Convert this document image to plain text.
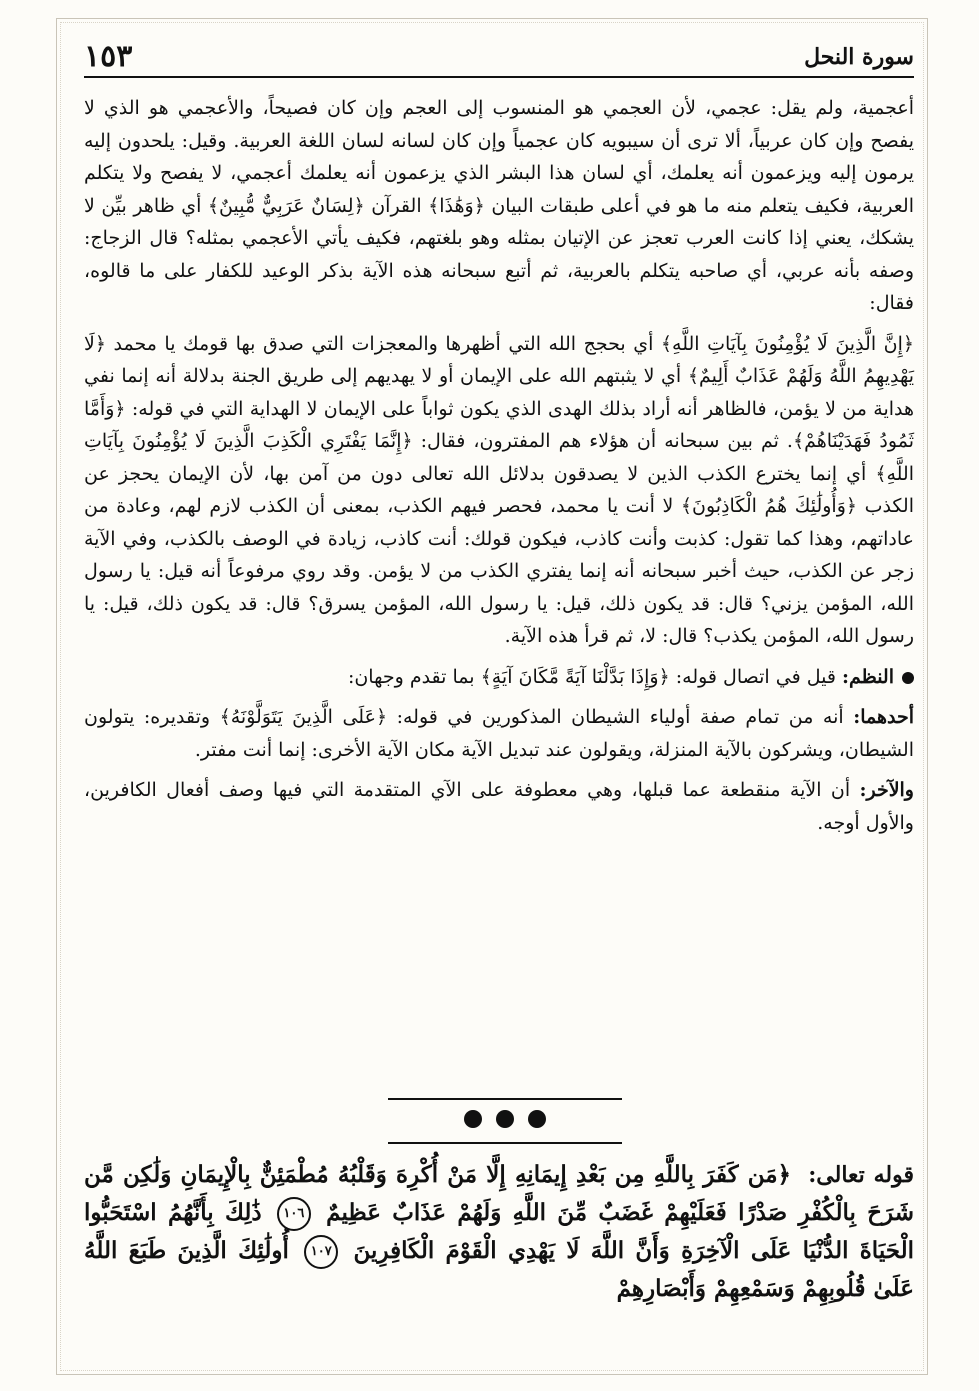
سورة النحل
١٥٣

أعجمية، ولم يقل: عجمي، لأن العجمي هو المنسوب إلى العجم وإن كان فصيحاً، والأعجمي هو الذي لا يفصح وإن كان عربياً، ألا ترى أن سيبويه كان عجمياً وإن كان لسانه لسان اللغة العربية. وقيل: يلحدون إليه يرمون إليه ويزعمون أنه يعلمك، أي لسان هذا البشر الذي يزعمون أنه يعلمك أعجمي، لا يفصح ولا يتكلم العربية، فكيف يتعلم منه ما هو في أعلى طبقات البيان ﴿وَهَٰذَا﴾ القرآن ﴿لِسَانٌ عَرَبِيٌّ مُّبِينٌ﴾ أي ظاهر بيِّن لا يشكك، يعني إذا كانت العرب تعجز عن الإتيان بمثله وهو بلغتهم، فكيف يأتي الأعجمي بمثله؟ قال الزجاج: وصفه بأنه عربي، أي صاحبه يتكلم بالعربية، ثم أتبع سبحانه هذه الآية بذكر الوعيد للكفار على ما قالوه، فقال:

﴿إِنَّ الَّذِينَ لَا يُؤْمِنُونَ بِآيَاتِ اللَّهِ﴾ أي بحجج الله التي أظهرها والمعجزات التي صدق بها قومك يا محمد ﴿لَا يَهْدِيهِمُ اللَّهُ وَلَهُمْ عَذَابٌ أَلِيمٌ﴾ أي لا يثبتهم الله على الإيمان أو لا يهديهم إلى طريق الجنة بدلالة أنه إنما نفي هداية من لا يؤمن، فالظاهر أنه أراد بذلك الهدى الذي يكون ثواباً على الإيمان لا الهداية التي في قوله: ﴿وَأَمَّا ثَمُودُ فَهَدَيْنَاهُمْ﴾. ثم بين سبحانه أن هؤلاء هم المفترون، فقال: ﴿إِنَّمَا يَفْتَرِي الْكَذِبَ الَّذِينَ لَا يُؤْمِنُونَ بِآيَاتِ اللَّهِ﴾ أي إنما يخترع الكذب الذين لا يصدقون بدلائل الله تعالى دون من آمن بها، لأن الإيمان يحجز عن الكذب ﴿وَأُولَٰئِكَ هُمُ الْكَاذِبُونَ﴾ لا أنت يا محمد، فحصر فيهم الكذب، بمعنى أن الكذب لازم لهم، وعادة من عاداتهم، وهذا كما تقول: كذبت وأنت كاذب، فيكون قولك: أنت كاذب، زيادة في الوصف بالكذب، وفي الآية زجر عن الكذب، حيث أخبر سبحانه أنه إنما يفتري الكذب من لا يؤمن. وقد روي مرفوعاً أنه قيل: يا رسول الله، المؤمن يزني؟ قال: قد يكون ذلك، قيل: يا رسول الله، المؤمن يسرق؟ قال: قد يكون ذلك، قيل: يا رسول الله، المؤمن يكذب؟ قال: لا، ثم قرأ هذه الآية.

النظم: قيل في اتصال قوله: ﴿وَإِذَا بَدَّلْنَا آيَةً مَّكَانَ آيَةٍ﴾ بما تقدم وجهان:

أحدهما: أنه من تمام صفة أولياء الشيطان المذكورين في قوله: ﴿عَلَى الَّذِينَ يَتَوَلَّوْنَهُ﴾ وتقديره: يتولون الشيطان، ويشركون بالآية المنزلة، ويقولون عند تبديل الآية مكان الآية الأخرى: إنما أنت مفتر.

والآخر: أن الآية منقطعة عما قبلها، وهي معطوفة على الآي المتقدمة التي فيها وصف أفعال الكافرين، والأول أوجه.

قوله تعالى: ﴿مَن كَفَرَ بِاللَّهِ مِن بَعْدِ إِيمَانِهِ إِلَّا مَنْ أُكْرِهَ وَقَلْبُهُ مُطْمَئِنٌّ بِالْإِيمَانِ وَلَٰكِن مَّن شَرَحَ بِالْكُفْرِ صَدْرًا فَعَلَيْهِمْ غَضَبٌ مِّنَ اللَّهِ وَلَهُمْ عَذَابٌ عَظِيمٌ ١٠٦ ذَٰلِكَ بِأَنَّهُمُ اسْتَحَبُّوا الْحَيَاةَ الدُّنْيَا عَلَى الْآخِرَةِ وَأَنَّ اللَّهَ لَا يَهْدِي الْقَوْمَ الْكَافِرِينَ ١٠٧ أُولَٰئِكَ الَّذِينَ طَبَعَ اللَّهُ عَلَىٰ قُلُوبِهِمْ وَسَمْعِهِمْ وَأَبْصَارِهِمْ
